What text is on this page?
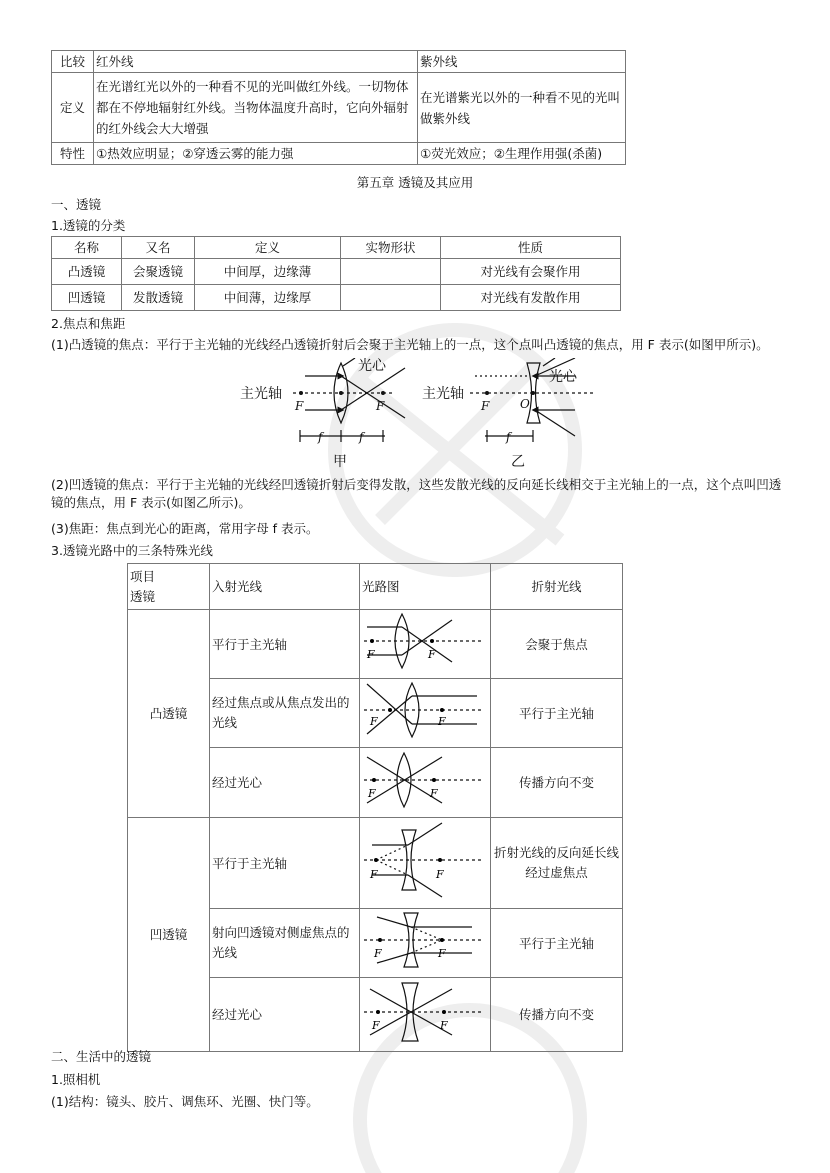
比较	红外线	紫外线
定义	在光谱红光以外的一种看不见的光叫做红外线。一切物体都在不停地辐射红外线。当物体温度升高时，它向外辐射的红外线会大大增强	在光谱紫光以外的一种看不见的光叫做紫外线
特性	①热效应明显；②穿透云雾的能力强	①荧光效应；②生理作用强(杀菌)
第五章 透镜及其应用
一、透镜
1.透镜的分类
名称	又名	定义	实物形状	性质
凸透镜	会聚透镜	中间厚，边缘薄		对光线有会聚作用
凹透镜	发散透镜	中间薄，边缘厚		对光线有发散作用
2.焦点和焦距
(1)凸透镜的焦点：平行于主光轴的光线经凸透镜折射后会聚于主光轴上的一点，这个点叫凸透镜的焦点，用 F 表示(如图甲所示)。
主光轴
光心
F	F
f	f
甲
主光轴
光心
F	O
f
乙
(2)凹透镜的焦点：平行于主光轴的光线经凹透镜折射后变得发散，这些发散光线的反向延长线相交于主光轴上的一点，这个点叫凹透镜的焦点，用 F 表示(如图乙所示)。
(3)焦距：焦点到光心的距离，常用字母 f 表示。
3.透镜光路中的三条特殊光线
项目
透镜	入射光线	光路图	折射光线
凸透镜	平行于主光轴	F F	会聚于焦点
	经过焦点或从焦点发出的光线	F F	平行于主光轴
	经过光心	F F	传播方向不变
凹透镜	平行于主光轴	F F	折射光线的反向延长线经过虚焦点
	射向凹透镜对侧虚焦点的光线	F F	平行于主光轴
	经过光心	F F	传播方向不变
二、生活中的透镜
1.照相机
(1)结构：镜头、胶片、调焦环、光圈、快门等。
